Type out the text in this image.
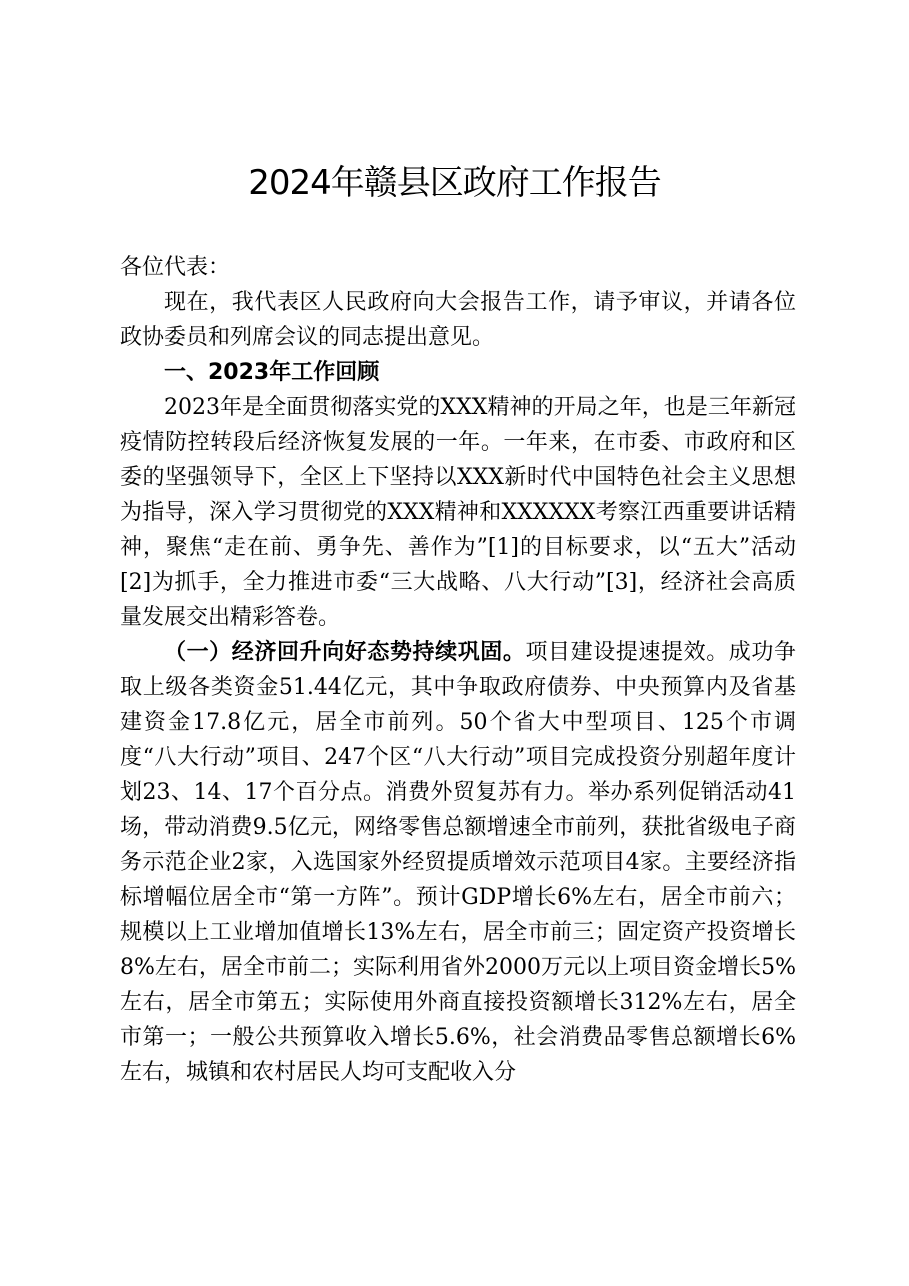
2024年赣县区政府工作报告

各位代表：

现在，我代表区人民政府向大会报告工作，请予审议，并请各位政协委员和列席会议的同志提出意见。

一、2023年工作回顾

2023年是全面贯彻落实党的XXX精神的开局之年，也是三年新冠疫情防控转段后经济恢复发展的一年。一年来，在市委、市政府和区委的坚强领导下，全区上下坚持以XXX新时代中国特色社会主义思想为指导，深入学习贯彻党的XXX精神和XXXXXX考察江西重要讲话精神，聚焦“走在前、勇争先、善作为”[1]的目标要求，以“五大”活动[2]为抓手，全力推进市委“三大战略、八大行动”[3]，经济社会高质量发展交出精彩答卷。

（一）经济回升向好态势持续巩固。项目建设提速提效。成功争取上级各类资金51.44亿元，其中争取政府债券、中央预算内及省基建资金17.8亿元，居全市前列。50个省大中型项目、125个市调度“八大行动”项目、247个区“八大行动”项目完成投资分别超年度计划23、14、17个百分点。消费外贸复苏有力。举办系列促销活动41场，带动消费9.5亿元，网络零售总额增速全市前列，获批省级电子商务示范企业2家，入选国家外经贸提质增效示范项目4家。主要经济指标增幅位居全市“第一方阵”。预计GDP增长6%左右，居全市前六；规模以上工业增加值增长13%左右，居全市前三；固定资产投资增长8%左右，居全市前二；实际利用省外2000万元以上项目资金增长5%左右，居全市第五；实际使用外商直接投资额增长312%左右，居全市第一；一般公共预算收入增长5.6%，社会消费品零售总额增长6%左右，城镇和农村居民人均可支配收入分
